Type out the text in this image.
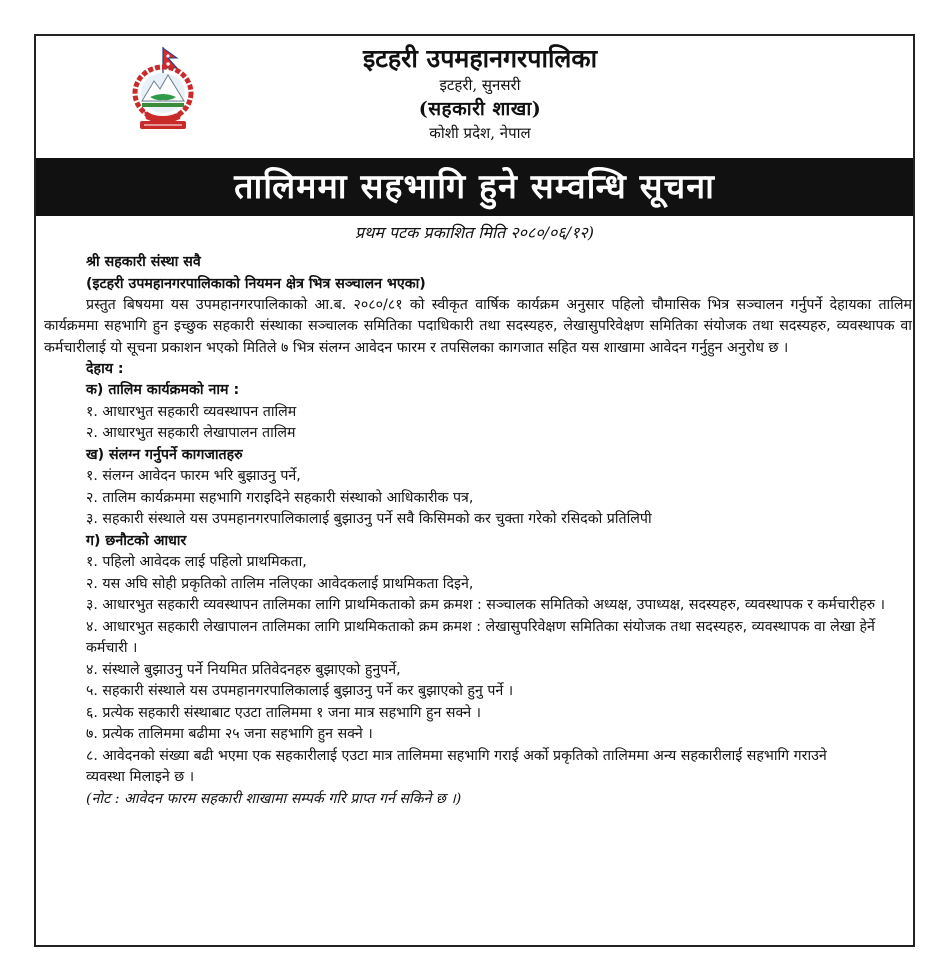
इटहरी उपमहानगरपालिका
इटहरी, सुनसरी
(सहकारी शाखा)
कोशी प्रदेश, नेपाल
तालिममा सहभागि हुने सम्वन्धि सूचना
प्रथम पटक प्रकाशित मिति २०८०/०६/१२)
श्री सहकारी संस्था सवै
(इटहरी उपमहानगरपालिकाको नियमन क्षेत्र भित्र सञ्चालन भएका)
प्रस्तुत बिषयमा यस उपमहानगरपालिकाको आ.ब. २०८०/८१ को स्वीकृत वार्षिक कार्यक्रम अनुसार पहिलो चौमासिक भित्र सञ्चालन गर्नुपर्ने देहायका तालिम कार्यक्रममा सहभागि हुन इच्छुक सहकारी संस्थाका सञ्चालक समितिका पदाधिकारी तथा सदस्यहरु, लेखासुपरिवेक्षण समितिका संयोजक तथा सदस्यहरु, व्यवस्थापक वा कर्मचारीलाई यो सूचना प्रकाशन भएको मितिले ७ भित्र संलग्न आवेदन फारम र तपसिलका कागजात सहित यस शाखामा आवेदन गर्नुहुन अनुरोध छ ।
देहाय :
क) तालिम कार्यक्रमको नाम :
१. आधारभुत सहकारी व्यवस्थापन तालिम
२. आधारभुत सहकारी लेखापालन तालिम
ख) संलग्न गर्नुपर्ने कागजातहरु
१. संलग्न आवेदन फारम भरि बुझाउनु पर्ने,
२. तालिम कार्यक्रममा सहभागि गराइदिने सहकारी संस्थाको आधिकारीक पत्र,
३. सहकारी संस्थाले यस उपमहानगरपालिकालाई बुझाउनु पर्ने सवै किसिमको कर चुक्ता गरेको रसिदको प्रतिलिपी
ग) छनौटको आधार
१. पहिलो आवेदक लाई पहिलो प्राथमिकता,
२. यस अघि सोही प्रकृतिको तालिम नलिएका आवेदकलाई प्राथमिकता दिइने,
३. आधारभुत सहकारी व्यवस्थापन तालिमका लागि प्राथमिकताको क्रम क्रमश : सञ्चालक समितिको अध्यक्ष, उपाध्यक्ष, सदस्यहरु, व्यवस्थापक र कर्मचारीहरु ।
४. आधारभुत सहकारी लेखापालन तालिमका लागि प्राथमिकताको क्रम क्रमश : लेखासुपरिवेक्षण समितिका संयोजक तथा सदस्यहरु, व्यवस्थापक वा लेखा हेर्ने कर्मचारी ।
४. संस्थाले बुझाउनु पर्ने नियमित प्रतिवेदनहरु बुझाएको हुनुपर्ने,
५. सहकारी संस्थाले यस उपमहानगरपालिकालाई बुझाउनु पर्ने कर बुझाएको हुनु पर्ने ।
६. प्रत्येक सहकारी संस्थाबाट एउटा तालिममा १ जना मात्र सहभागि हुन सक्ने ।
७. प्रत्येक तालिममा बढीमा २५ जना सहभागि हुन सक्ने ।
८. आवेदनको संख्या बढी भएमा एक सहकारीलाई एउटा मात्र तालिममा सहभागि गराई अर्को प्रकृतिको तालिममा अन्य सहकारीलाई सहभागि गराउने व्यवस्था मिलाइने छ ।
(नोट : आवेदन फारम सहकारी शाखामा सम्पर्क गरि प्राप्त गर्न सकिने छ ।)
